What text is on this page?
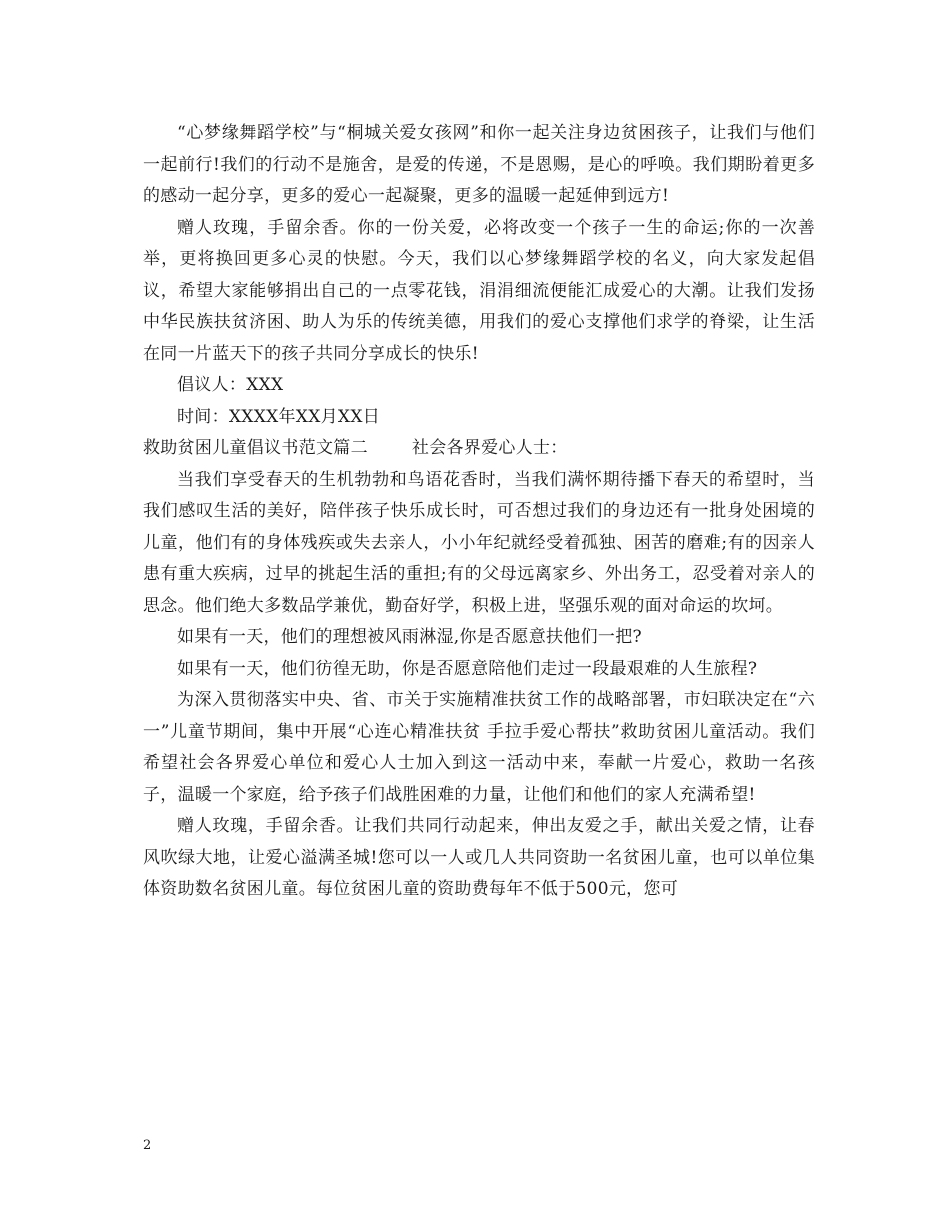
“心梦缘舞蹈学校”与“桐城关爱女孩网”和你一起关注身边贫困孩子，让我们与他们一起前行!我们的行动不是施舍，是爱的传递，不是恩赐，是心的呼唤。我们期盼着更多的感动一起分享，更多的爱心一起凝聚，更多的温暖一起延伸到远方!

赠人玫瑰，手留余香。你的一份关爱，必将改变一个孩子一生的命运;你的一次善举，更将换回更多心灵的快慰。今天，我们以心梦缘舞蹈学校的名义，向大家发起倡议，希望大家能够捐出自己的一点零花钱，涓涓细流便能汇成爱心的大潮。让我们发扬中华民族扶贫济困、助人为乐的传统美德，用我们的爱心支撑他们求学的脊梁，让生活在同一片蓝天下的孩子共同分享成长的快乐!

倡议人：XXX

时间：XXXX年XX月XX日

救助贫困儿童倡议书范文篇二	社会各界爱心人士：

当我们享受春天的生机勃勃和鸟语花香时，当我们满怀期待播下春天的希望时，当我们感叹生活的美好，陪伴孩子快乐成长时，可否想过我们的身边还有一批身处困境的儿童，他们有的身体残疾或失去亲人，小小年纪就经受着孤独、困苦的磨难;有的因亲人患有重大疾病，过早的挑起生活的重担;有的父母远离家乡、外出务工，忍受着对亲人的思念。他们绝大多数品学兼优，勤奋好学，积极上进，坚强乐观的面对命运的坎坷。

如果有一天，他们的理想被风雨淋湿,你是否愿意扶他们一把?

如果有一天，他们彷徨无助，你是否愿意陪他们走过一段最艰难的人生旅程?

为深入贯彻落实中央、省、市关于实施精准扶贫工作的战略部署，市妇联决定在“六一”儿童节期间，集中开展“心连心精准扶贫 手拉手爱心帮扶”救助贫困儿童活动。我们希望社会各界爱心单位和爱心人士加入到这一活动中来，奉献一片爱心，救助一名孩子，温暖一个家庭，给予孩子们战胜困难的力量，让他们和他们的家人充满希望!

赠人玫瑰，手留余香。让我们共同行动起来，伸出友爱之手，献出关爱之情，让春风吹绿大地，让爱心溢满圣城!您可以一人或几人共同资助一名贫困儿童，也可以单位集体资助数名贫困儿童。每位贫困儿童的资助费每年不低于500元，您可

2
